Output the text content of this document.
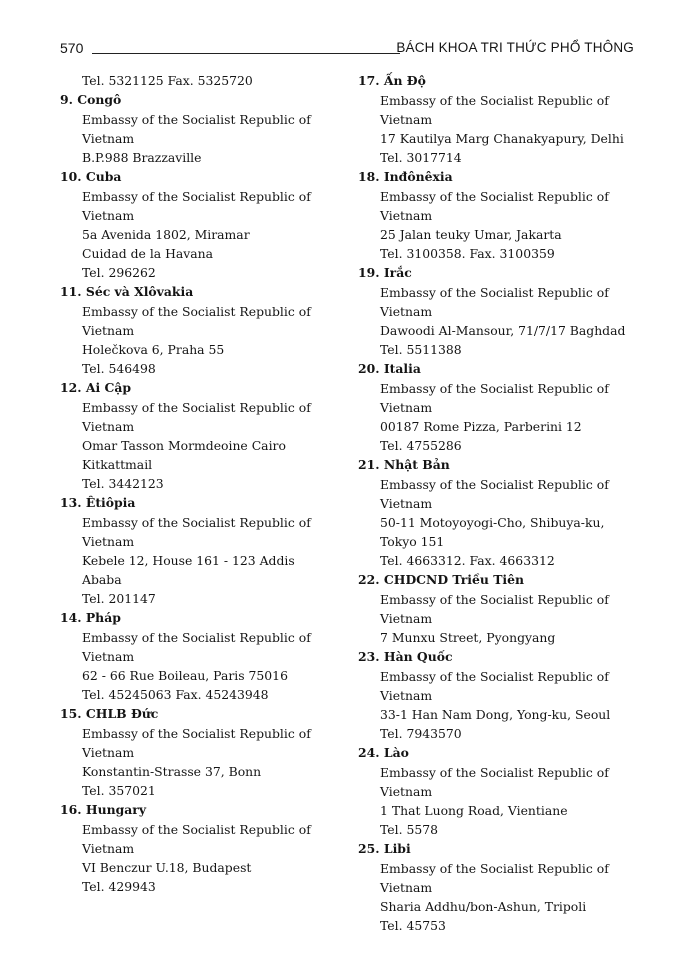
570	BÁCH KHOA TRI THỨC PHỔ THÔNG
Tel. 5321125 Fax. 5325720
9. Congô
Embassy of the Socialist Republic of
Vietnam
B.P.988 Brazzaville
10. Cuba
Embassy of the Socialist Republic of
Vietnam
5a Avenida 1802, Miramar
Cuidad de la Havana
Tel. 296262
11. Séc và Xlôvakia
Embassy of the Socialist Republic of
Vietnam
Holečkova 6, Praha 55
Tel. 546498
12. Ai Cập
Embassy of the Socialist Republic of
Vietnam
Omar Tasson Mormdeoine Cairo
Kitkattmail
Tel. 3442123
13. Êtiôpia
Embassy of the Socialist Republic of
Vietnam
Kebele 12, House 161 - 123 Addis
Ababa
Tel. 201147
14. Pháp
Embassy of the Socialist Republic of
Vietnam
62 - 66 Rue Boileau, Paris 75016
Tel. 45245063 Fax. 45243948
15. CHLB Đức
Embassy of the Socialist Republic of
Vietnam
Konstantin-Strasse 37, Bonn
Tel. 357021
16. Hungary
Embassy of the Socialist Republic of
Vietnam
VI Benczur U.18, Budapest
Tel. 429943
17. Ấn Độ
Embassy of the Socialist Republic of
Vietnam
17 Kautilya Marg Chanakyapury, Delhi
Tel. 3017714
18. Inđônêxia
Embassy of the Socialist Republic of
Vietnam
25 Jalan teuky Umar, Jakarta
Tel. 3100358. Fax. 3100359
19. Irắc
Embassy of the Socialist Republic of
Vietnam
Dawoodi Al-Mansour, 71/7/17 Baghdad
Tel. 5511388
20. Italia
Embassy of the Socialist Republic of
Vietnam
00187 Rome Pizza, Parberini 12
Tel. 4755286
21. Nhật Bản
Embassy of the Socialist Republic of
Vietnam
50-11 Motoyoyogi-Cho, Shibuya-ku,
Tokyo 151
Tel. 4663312. Fax. 4663312
22. CHDCND Triều Tiên
Embassy of the Socialist Republic of
Vietnam
7 Munxu Street, Pyongyang
23. Hàn Quốc
Embassy of the Socialist Republic of
Vietnam
33-1 Han Nam Dong, Yong-ku, Seoul
Tel. 7943570
24. Lào
Embassy of the Socialist Republic of
Vietnam
1 That Luong Road, Vientiane
Tel. 5578
25. Libi
Embassy of the Socialist Republic of
Vietnam
Sharia Addhu/bon-Ashun, Tripoli
Tel. 45753
